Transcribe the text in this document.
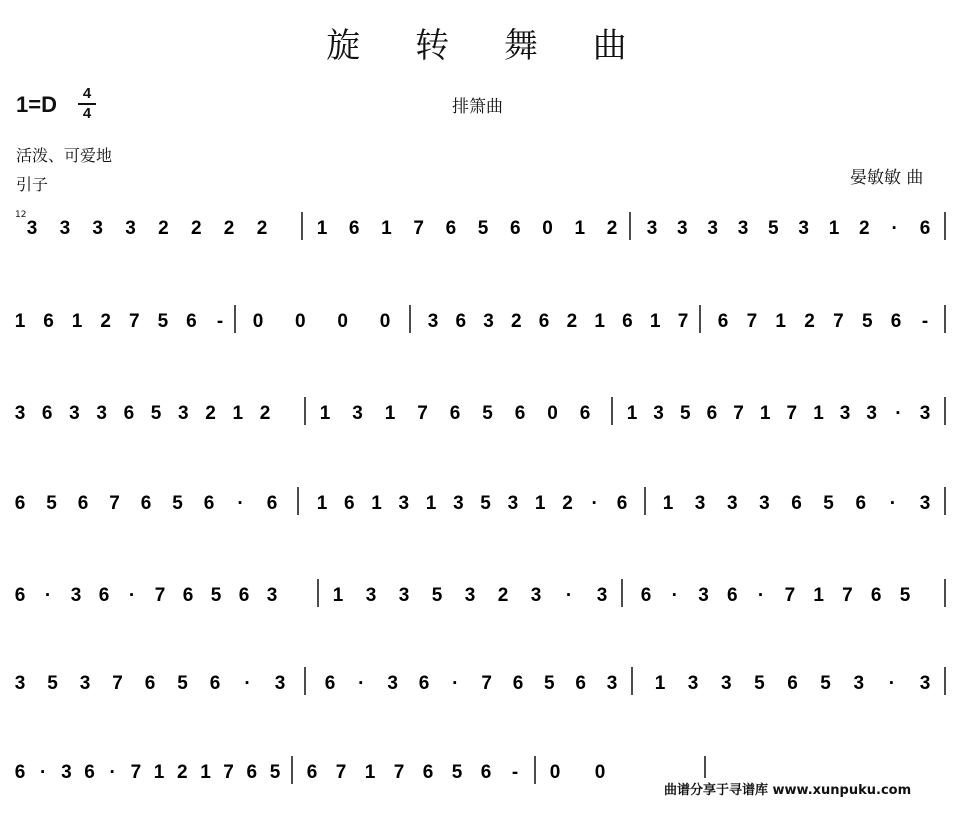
旋 转 舞 曲
1=D	4
4	排箫曲
活泼、可爱地
引子	晏敏敏 曲
12
3 3 3 3 2 2 2 2	1 6 1 7 6 5 6 0 1 2 3 3 3 3 5 3 1 2 · 6
1 6 1 2 7 5 6 - 0 0 0 0 3 6 3 2 6 2 1 6 1 7 6 7 1 2 7 5 6 -
3 6 3 3 6 5 3 2 1 2	1 3 1 7 6 5 6 0 6 1 3 5 6 7 1 7 1 3 3 · 3
6 5 6 7 6 5 6 · 6 1 6 1 3 1 3 5 3 1 2 · 6 1 3 3 3 6 5 6 · 3
6 · 3 6 · 7 6 5 6 3	1 3 3 5 3 2 3 · 3 6 · 3 6 · 7 1 7 6 5
3 5 3 7 6 5 6 · 3 6 · 3 6 · 7 6 5 6 3 1 3 3 5 6 5 3 · 3
6 · 3 6 · 7 1 2 1 7 6 5 6 7 1 7 6 5 6 - 0 0
曲谱分享于寻谱库 www.xunpuku.com
